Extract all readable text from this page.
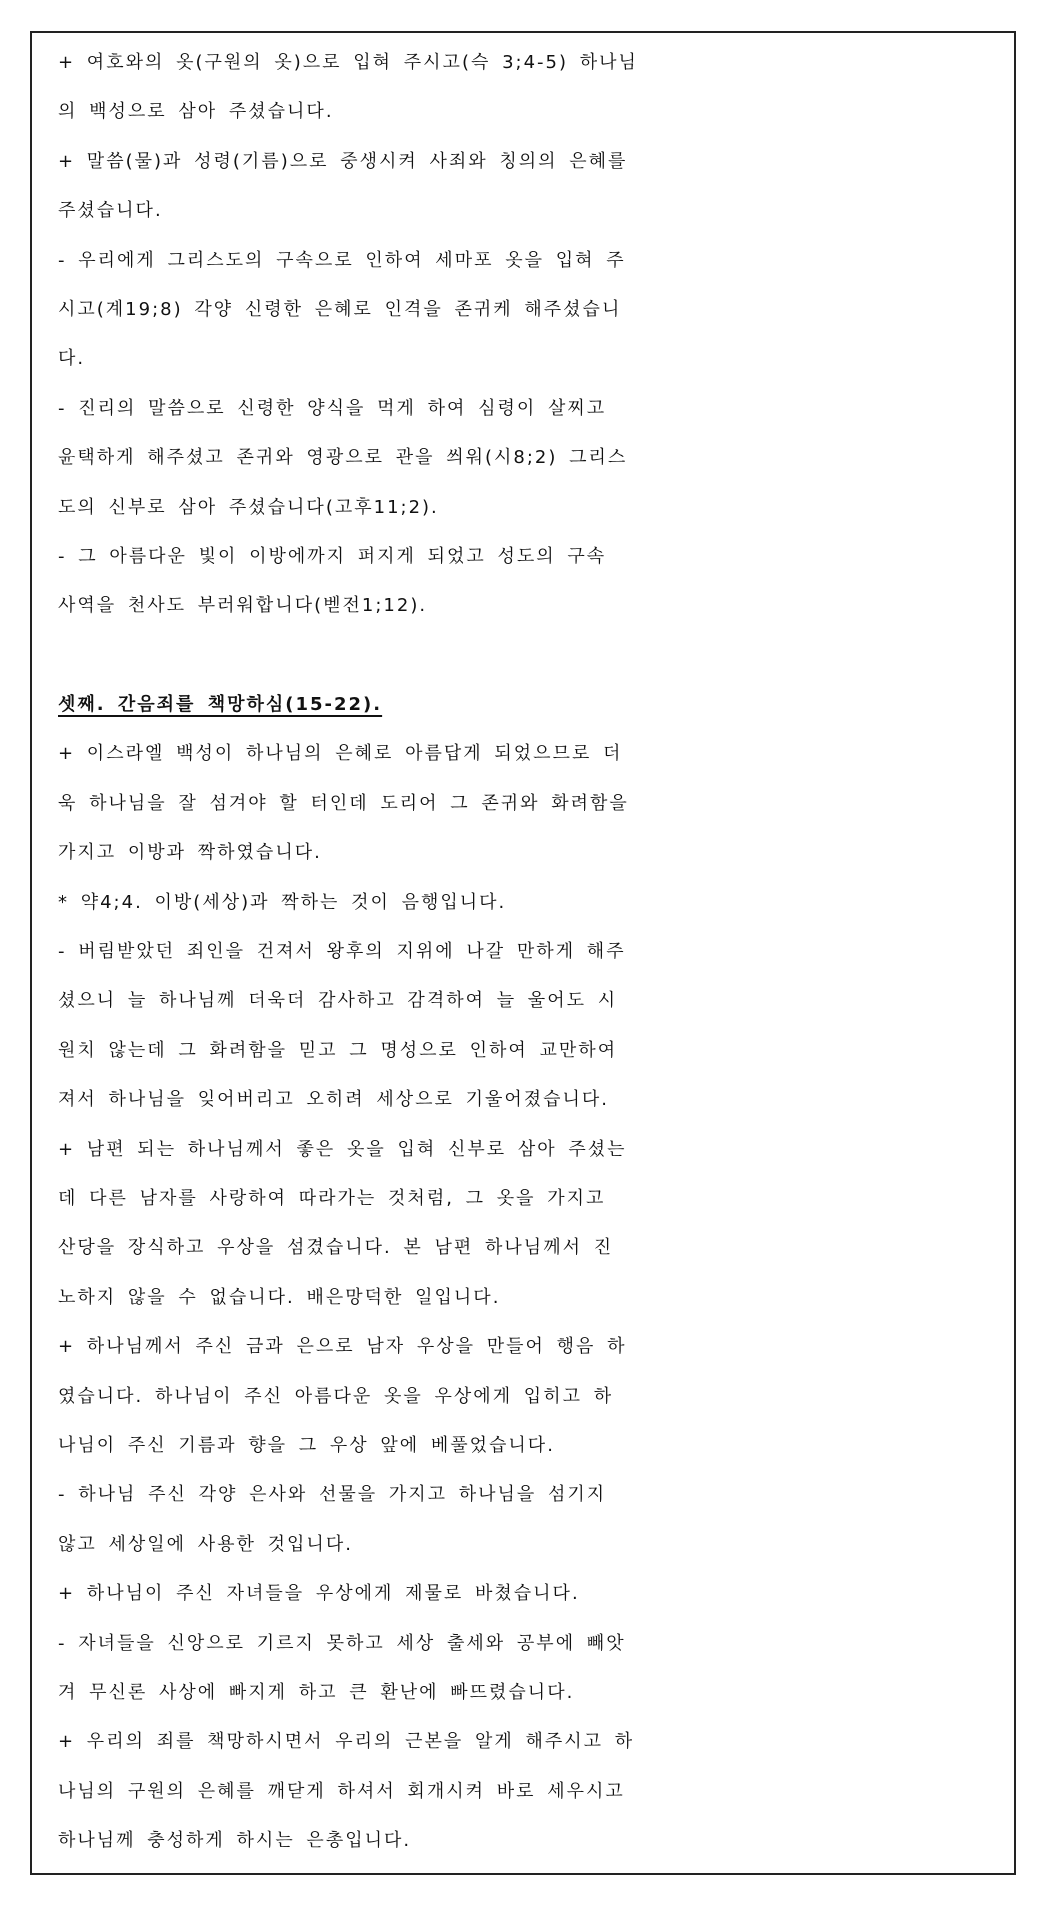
+ 여호와의 옷(구원의 옷)으로 입혀 주시고(슥 3;4-5) 하나님
의 백성으로 삼아 주셨습니다.
+ 말씀(물)과 성령(기름)으로 중생시켜 사죄와 칭의의 은혜를
주셨습니다.
- 우리에게 그리스도의 구속으로 인하여 세마포 옷을 입혀 주
시고(계19;8) 각양 신령한 은혜로 인격을 존귀케 해주셨습니
다.
- 진리의 말씀으로 신령한 양식을 먹게 하여 심령이 살찌고
윤택하게 해주셨고 존귀와 영광으로 관을 씌워(시8;2) 그리스
도의 신부로 삼아 주셨습니다(고후11;2).
- 그 아름다운 빛이 이방에까지 퍼지게 되었고 성도의 구속
사역을 천사도 부러워합니다(벧전1;12).
셋째. 간음죄를 책망하심(15-22).
+ 이스라엘 백성이 하나님의 은혜로 아름답게 되었으므로 더
욱 하나님을 잘 섬겨야 할 터인데 도리어 그 존귀와 화려함을
가지고 이방과 짝하였습니다.
* 약4;4. 이방(세상)과 짝하는 것이 음행입니다.
- 버림받았던 죄인을 건져서 왕후의 지위에 나갈 만하게 해주
셨으니 늘 하나님께 더욱더 감사하고 감격하여 늘 울어도 시
원치 않는데 그 화려함을 믿고 그 명성으로 인하여 교만하여
져서 하나님을 잊어버리고 오히려 세상으로 기울어졌습니다.
+ 남편 되는 하나님께서 좋은 옷을 입혀 신부로 삼아 주셨는
데 다른 남자를 사랑하여 따라가는 것처럼, 그 옷을 가지고
산당을 장식하고 우상을 섬겼습니다. 본 남편 하나님께서 진
노하지 않을 수 없습니다. 배은망덕한 일입니다.
+ 하나님께서 주신 금과 은으로 남자 우상을 만들어 행음 하
였습니다. 하나님이 주신 아름다운 옷을 우상에게 입히고 하
나님이 주신 기름과 향을 그 우상 앞에 베풀었습니다.
- 하나님 주신 각양 은사와 선물을 가지고 하나님을 섬기지
않고 세상일에 사용한 것입니다.
+ 하나님이 주신 자녀들을 우상에게 제물로 바쳤습니다.
- 자녀들을 신앙으로 기르지 못하고 세상 출세와 공부에 빼앗
겨 무신론 사상에 빠지게 하고 큰 환난에 빠뜨렸습니다.
+ 우리의 죄를 책망하시면서 우리의 근본을 알게 해주시고 하
나님의 구원의 은혜를 깨닫게 하셔서 회개시켜 바로 세우시고
하나님께 충성하게 하시는 은총입니다.
